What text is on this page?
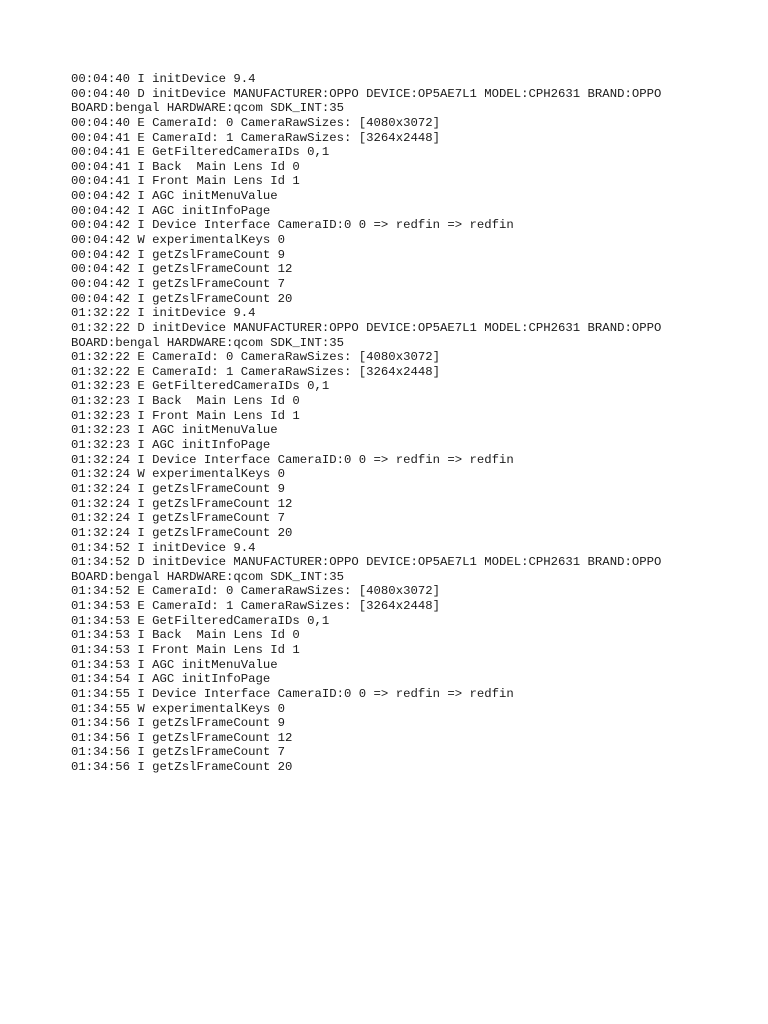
00:04:40 I initDevice 9.4
00:04:40 D initDevice MANUFACTURER:OPPO DEVICE:OP5AE7L1 MODEL:CPH2631 BRAND:OPPO
BOARD:bengal HARDWARE:qcom SDK_INT:35
00:04:40 E CameraId: 0 CameraRawSizes: [4080x3072]
00:04:41 E CameraId: 1 CameraRawSizes: [3264x2448]
00:04:41 E GetFilteredCameraIDs 0,1
00:04:41 I Back  Main Lens Id 0
00:04:41 I Front Main Lens Id 1
00:04:42 I AGC initMenuValue
00:04:42 I AGC initInfoPage
00:04:42 I Device Interface CameraID:0 0 => redfin => redfin
00:04:42 W experimentalKeys 0
00:04:42 I getZslFrameCount 9
00:04:42 I getZslFrameCount 12
00:04:42 I getZslFrameCount 7
00:04:42 I getZslFrameCount 20
01:32:22 I initDevice 9.4
01:32:22 D initDevice MANUFACTURER:OPPO DEVICE:OP5AE7L1 MODEL:CPH2631 BRAND:OPPO
BOARD:bengal HARDWARE:qcom SDK_INT:35
01:32:22 E CameraId: 0 CameraRawSizes: [4080x3072]
01:32:22 E CameraId: 1 CameraRawSizes: [3264x2448]
01:32:23 E GetFilteredCameraIDs 0,1
01:32:23 I Back  Main Lens Id 0
01:32:23 I Front Main Lens Id 1
01:32:23 I AGC initMenuValue
01:32:23 I AGC initInfoPage
01:32:24 I Device Interface CameraID:0 0 => redfin => redfin
01:32:24 W experimentalKeys 0
01:32:24 I getZslFrameCount 9
01:32:24 I getZslFrameCount 12
01:32:24 I getZslFrameCount 7
01:32:24 I getZslFrameCount 20
01:34:52 I initDevice 9.4
01:34:52 D initDevice MANUFACTURER:OPPO DEVICE:OP5AE7L1 MODEL:CPH2631 BRAND:OPPO
BOARD:bengal HARDWARE:qcom SDK_INT:35
01:34:52 E CameraId: 0 CameraRawSizes: [4080x3072]
01:34:53 E CameraId: 1 CameraRawSizes: [3264x2448]
01:34:53 E GetFilteredCameraIDs 0,1
01:34:53 I Back  Main Lens Id 0
01:34:53 I Front Main Lens Id 1
01:34:53 I AGC initMenuValue
01:34:54 I AGC initInfoPage
01:34:55 I Device Interface CameraID:0 0 => redfin => redfin
01:34:55 W experimentalKeys 0
01:34:56 I getZslFrameCount 9
01:34:56 I getZslFrameCount 12
01:34:56 I getZslFrameCount 7
01:34:56 I getZslFrameCount 20
